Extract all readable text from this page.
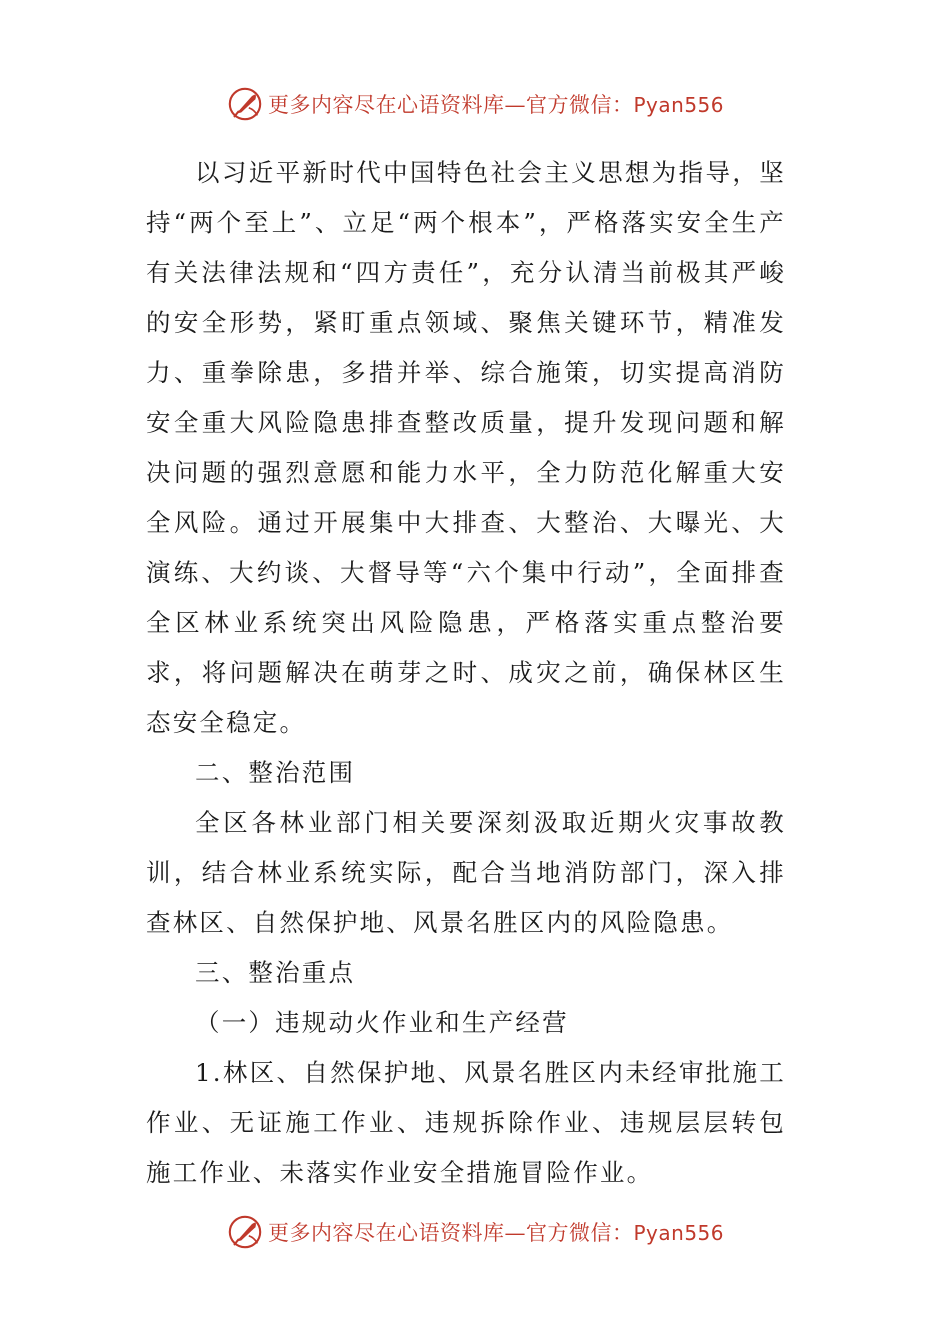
更多内容尽在心语资料库—官方微信：Pyan556

以习近平新时代中国特色社会主义思想为指导，坚持“两个至上”、立足“两个根本”，严格落实安全生产有关法律法规和“四方责任”，充分认清当前极其严峻的安全形势，紧盯重点领域、聚焦关键环节，精准发力、重拳除患，多措并举、综合施策，切实提高消防安全重大风险隐患排查整改质量，提升发现问题和解决问题的强烈意愿和能力水平，全力防范化解重大安全风险。通过开展集中大排查、大整治、大曝光、大演练、大约谈、大督导等“六个集中行动”，全面排查全区林业系统突出风险隐患，严格落实重点整治要求，将问题解决在萌芽之时、成灾之前，确保林区生态安全稳定。

二、整治范围

全区各林业部门相关要深刻汲取近期火灾事故教训，结合林业系统实际，配合当地消防部门，深入排查林区、自然保护地、风景名胜区内的风险隐患。

三、整治重点

（一）违规动火作业和生产经营

1.林区、自然保护地、风景名胜区内未经审批施工作业、无证施工作业、违规拆除作业、违规层层转包施工作业、未落实作业安全措施冒险作业。

更多内容尽在心语资料库—官方微信：Pyan556
